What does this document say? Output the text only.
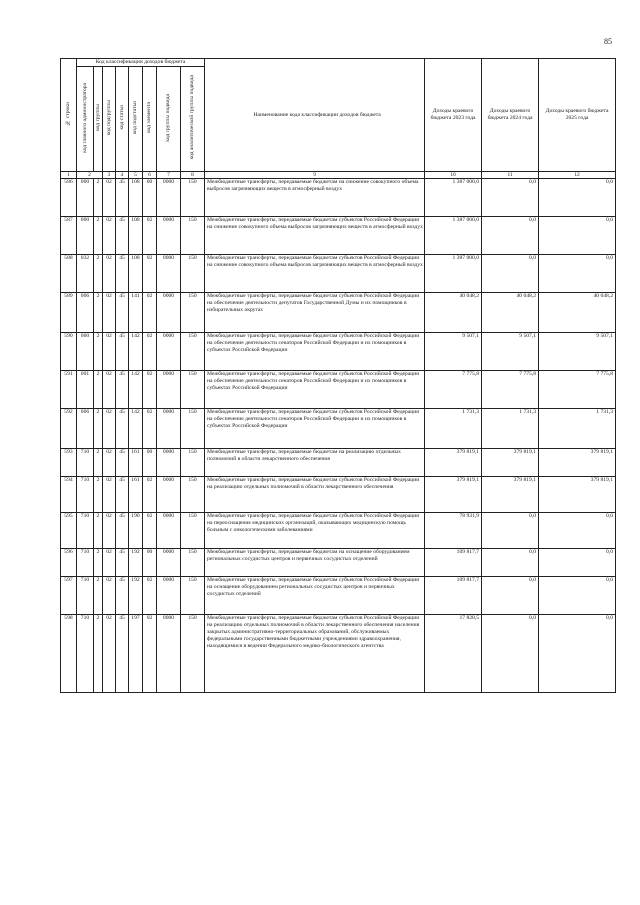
85
№ строки	Код классификации доходов бюджета								Наименование кода классификации доходов бюджета	Доходы краевого бюджета 2023 года	Доходы краевого бюджета 2024 года	Доходы краевого бюджета 2025 года
	код главного администратора	код группы	код подгруппы	код статьи	код подстатьи	код элемента	код группы подвида	код аналитической группы подвида				
1	2		3	4	5	6	7	8	9	10	11	12
586	000	2	02	45	108	00	0000	150	Межбюджетные трансферты, передаваемые бюджетам на снижение совокупного объема выбросов загрязняющих веществ в атмосферный воздух	1 387 000,0	0,0	0,0
587	000	2	02	45	108	02	0000	150	Межбюджетные трансферты, передаваемые бюджетам субъектов Российской Федерации на снижение совокупного объема выбросов загрязняющих веществ в атмосферный воздух	1 387 000,0	0,0	0,0
588	032	2	02	45	108	02	0000	150	Межбюджетные трансферты, передаваемые бюджетам субъектов Российской Федерации на снижение совокупного объема выбросов загрязняющих веществ в атмосферный воздух	1 387 000,0	0,0	0,0
589	006	2	02	45	141	02	0000	150	Межбюджетные трансферты, передаваемые бюджетам субъектов Российской Федерации на обеспечение деятельности депутатов Государственной Думы и их помощников в избирательных округах	40 048,2	40 048,2	40 048,2
590	000	2	02	45	142	02	0000	150	Межбюджетные трансферты, передаваемые бюджетам субъектов Российской Федерации на обеспечение деятельности сенаторов Российской Федерации и их помощников в субъектах Российской Федерации	9 507,1	9 507,1	9 507,1
591	001	2	02	45	142	02	0000	150	Межбюджетные трансферты, передаваемые бюджетам субъектов Российской Федерации на обеспечение деятельности сенаторов Российской Федерации и их помощников в субъектах Российской Федерации	7 775,8	7 775,8	7 775,8
592	006	2	02	45	142	02	0000	150	Межбюджетные трансферты, передаваемые бюджетам субъектов Российской Федерации на обеспечение деятельности сенаторов Российской Федерации и их помощников в субъектах Российской Федерации	1 731,3	1 731,3	1 731,3
593	710	2	02	45	161	00	0000	150	Межбюджетные трансферты, передаваемые бюджетам на реализацию отдельных полномочий в области лекарственного обеспечения	379 819,1	379 819,1	379 819,1
594	710	2	02	45	161	02	0000	150	Межбюджетные трансферты, передаваемые бюджетам субъектов Российской Федерации на реализацию отдельных полномочий в области лекарственного обеспечения	379 819,1	379 819,1	379 819,1
595	710	2	02	45	190	02	0000	150	Межбюджетные трансферты, передаваемые бюджетам субъектов Российской Федерации на переоснащение медицинских организаций, оказывающих медицинскую помощь больным с онкологическими заболеваниями	78 931,9	0,0	0,0
596	710	2	02	45	192	00	0000	150	Межбюджетные трансферты, передаваемые бюджетам на оснащение оборудованием региональных сосудистых центров и первичных сосудистых отделений	109 817,7	0,0	0,0
597	710	2	02	45	192	02	0000	150	Межбюджетные трансферты, передаваемые бюджетам субъектов Российской Федерации на оснащение оборудованием региональных сосудистых центров и первичных сосудистых отделений	109 817,7	0,0	0,0
598	710	2	02	45	197	02	0000	150	Межбюджетные трансферты, передаваемые бюджетам субъектов Российской Федерации на реализацию отдельных полномочий в области лекарственного обеспечения населения закрытых административно-территориальных образований, обслуживаемых федеральными государственными бюджетными учреждениями здравоохранения, находящимися в ведении Федерального медико-биологического агентства	17 820,5	0,0	0,0
